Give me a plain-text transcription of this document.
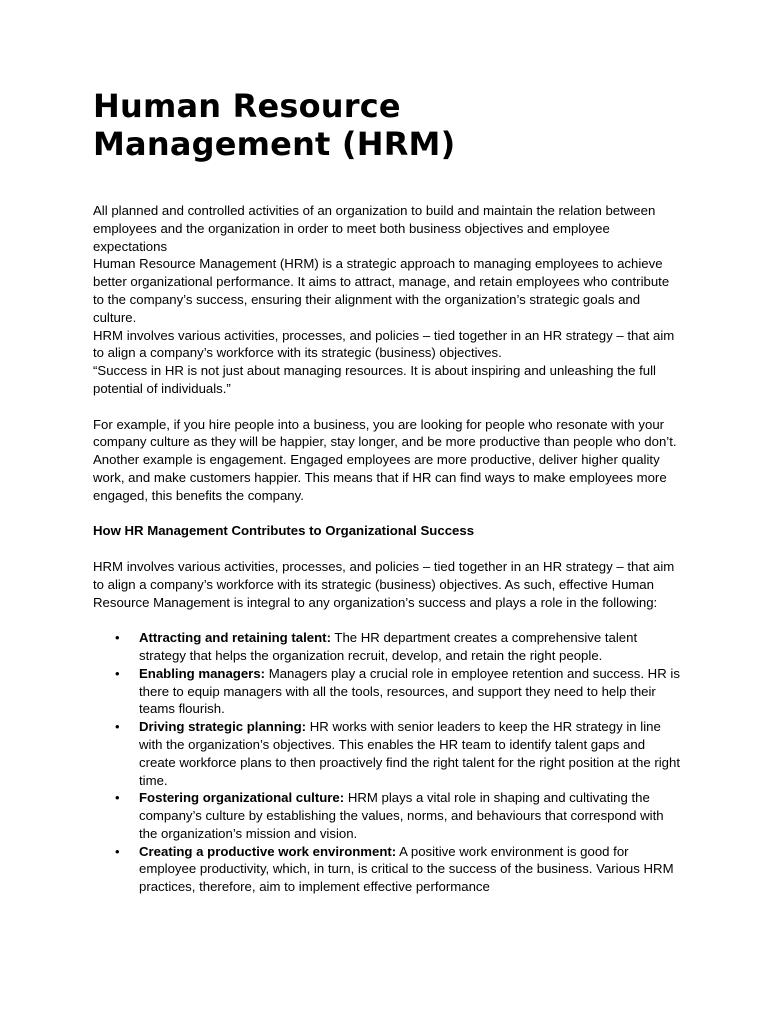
Human Resource
Management (HRM)
All planned and controlled activities of an organization to build and maintain the relation between employees and the organization in order to meet both business objectives and employee expectations
Human Resource Management (HRM) is a strategic approach to managing employees to achieve better organizational performance. It aims to attract, manage, and retain employees who contribute to the company’s success, ensuring their alignment with the organization’s strategic goals and culture.
HRM involves various activities, processes, and policies – tied together in an HR strategy – that aim to align a company’s workforce with its strategic (business) objectives.
“Success in HR is not just about managing resources. It is about inspiring and unleashing the full potential of individuals.”
For example, if you hire people into a business, you are looking for people who resonate with your company culture as they will be happier, stay longer, and be more productive than people who don’t.
Another example is engagement. Engaged employees are more productive, deliver higher quality work, and make customers happier. This means that if HR can find ways to make employees more engaged, this benefits the company.
How HR Management Contributes to Organizational Success
HRM involves various activities, processes, and policies – tied together in an HR strategy – that aim to align a company’s workforce with its strategic (business) objectives. As such, effective Human Resource Management is integral to any organization’s success and plays a role in the following:
• Attracting and retaining talent: The HR department creates a comprehensive talent strategy that helps the organization recruit, develop, and retain the right people.
• Enabling managers: Managers play a crucial role in employee retention and success. HR is there to equip managers with all the tools, resources, and support they need to help their teams flourish.
• Driving strategic planning: HR works with senior leaders to keep the HR strategy in line with the organization’s objectives. This enables the HR team to identify talent gaps and create workforce plans to then proactively find the right talent for the right position at the right time.
• Fostering organizational culture: HRM plays a vital role in shaping and cultivating the company’s culture by establishing the values, norms, and behaviours that correspond with the organization’s mission and vision.
• Creating a productive work environment: A positive work environment is good for employee productivity, which, in turn, is critical to the success of the business. Various HRM practices, therefore, aim to implement effective performance
